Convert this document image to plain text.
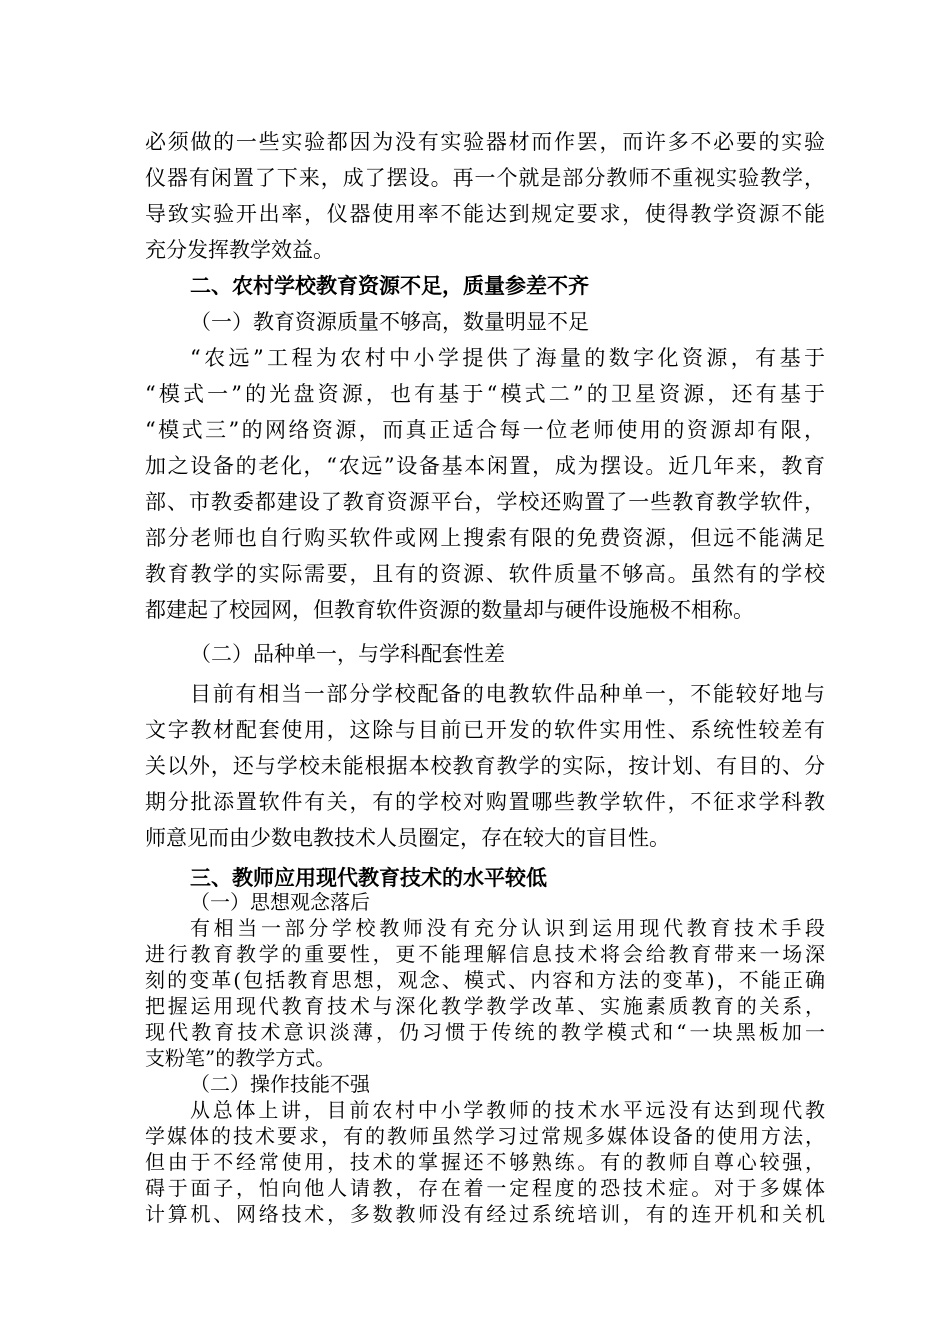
必须做的一些实验都因为没有实验器材而作罢，而许多不必要的实验
仪器有闲置了下来，成了摆设。再一个就是部分教师不重视实验教学，
导致实验开出率，仪器使用率不能达到规定要求，使得教学资源不能
充分发挥教学效益。
二、农村学校教育资源不足，质量参差不齐
（一）教育资源质量不够高，数量明显不足
“农远”工程为农村中小学提供了海量的数字化资源，有基于
“模式一”的光盘资源，也有基于“模式二”的卫星资源，还有基于
“模式三”的网络资源，而真正适合每一位老师使用的资源却有限，
加之设备的老化，“农远”设备基本闲置，成为摆设。近几年来，教育
部、市教委都建设了教育资源平台，学校还购置了一些教育教学软件，
部分老师也自行购买软件或网上搜索有限的免费资源，但远不能满足
教育教学的实际需要，且有的资源、软件质量不够高。虽然有的学校
都建起了校园网，但教育软件资源的数量却与硬件设施极不相称。
（二）品种单一，与学科配套性差
目前有相当一部分学校配备的电教软件品种单一，不能较好地与
文字教材配套使用，这除与目前已开发的软件实用性、系统性较差有
关以外，还与学校未能根据本校教育教学的实际，按计划、有目的、分
期分批添置软件有关，有的学校对购置哪些教学软件，不征求学科教
师意见而由少数电教技术人员圈定，存在较大的盲目性。
三、教师应用现代教育技术的水平较低
（一）思想观念落后
有相当一部分学校教师没有充分认识到运用现代教育技术手段
进行教育教学的重要性，更不能理解信息技术将会给教育带来一场深
刻的变革(包括教育思想，观念、模式、内容和方法的变革)，不能正确
把握运用现代教育技术与深化教学教学改革、实施素质教育的关系，
现代教育技术意识淡薄，仍习惯于传统的教学模式和“一块黑板加一
支粉笔”的教学方式。
（二）操作技能不强
从总体上讲，目前农村中小学教师的技术水平远没有达到现代教
学媒体的技术要求，有的教师虽然学习过常规多媒体设备的使用方法，
但由于不经常使用，技术的掌握还不够熟练。有的教师自尊心较强，
碍于面子，怕向他人请教，存在着一定程度的恐技术症。对于多媒体
计算机、网络技术，多数教师没有经过系统培训，有的连开机和关机
